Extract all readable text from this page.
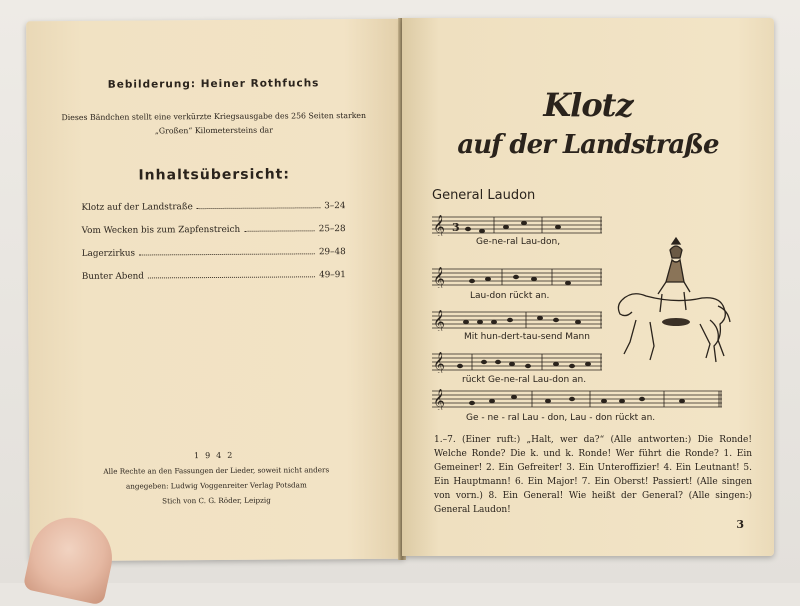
Bebilderung: Heiner Rothfuchs
Dieses Bändchen stellt eine verkürzte Kriegsausgabe des 256 Seiten starken „Großen“ Kilometersteins dar
Inhaltsübersicht:
Klotz auf der Landstraße	3–24
Vom Wecken bis zum Zapfenstreich	25–28
Lagerzirkus	29–48
Bunter Abend	49–91
1942
Alle Rechte an den Fassungen der Lieder, soweit nicht anders
angegeben: Ludwig Voggenreiter Verlag Potsdam
Stich von C. G. Röder, Leipzig
Klotz
auf der Landstraße
General Laudon
𝄞 3
Ge-ne-ral Lau-don,
𝄞
Lau-don rückt an.
𝄞
Mit hun-dert-tau-send Mann
𝄞
rückt Ge-ne-ral Lau-don an.
𝄞
Ge - ne - ral Lau - don, Lau - don rückt an.
1.–7. (Einer ruft:) „Halt, wer da?“ (Alle antworten:) Die Ronde! Welche Ronde? Die k. und k. Ronde! Wer führt die Ronde? 1. Ein Gemeiner! 2. Ein Gefreiter! 3. Ein Unteroffizier! 4. Ein Leutnant! 5. Ein Hauptmann! 6. Ein Major! 7. Ein Oberst! Passiert! (Alle singen von vorn.) 8. Ein General! Wie heißt der General? (Alle singen:) General Laudon!
3
